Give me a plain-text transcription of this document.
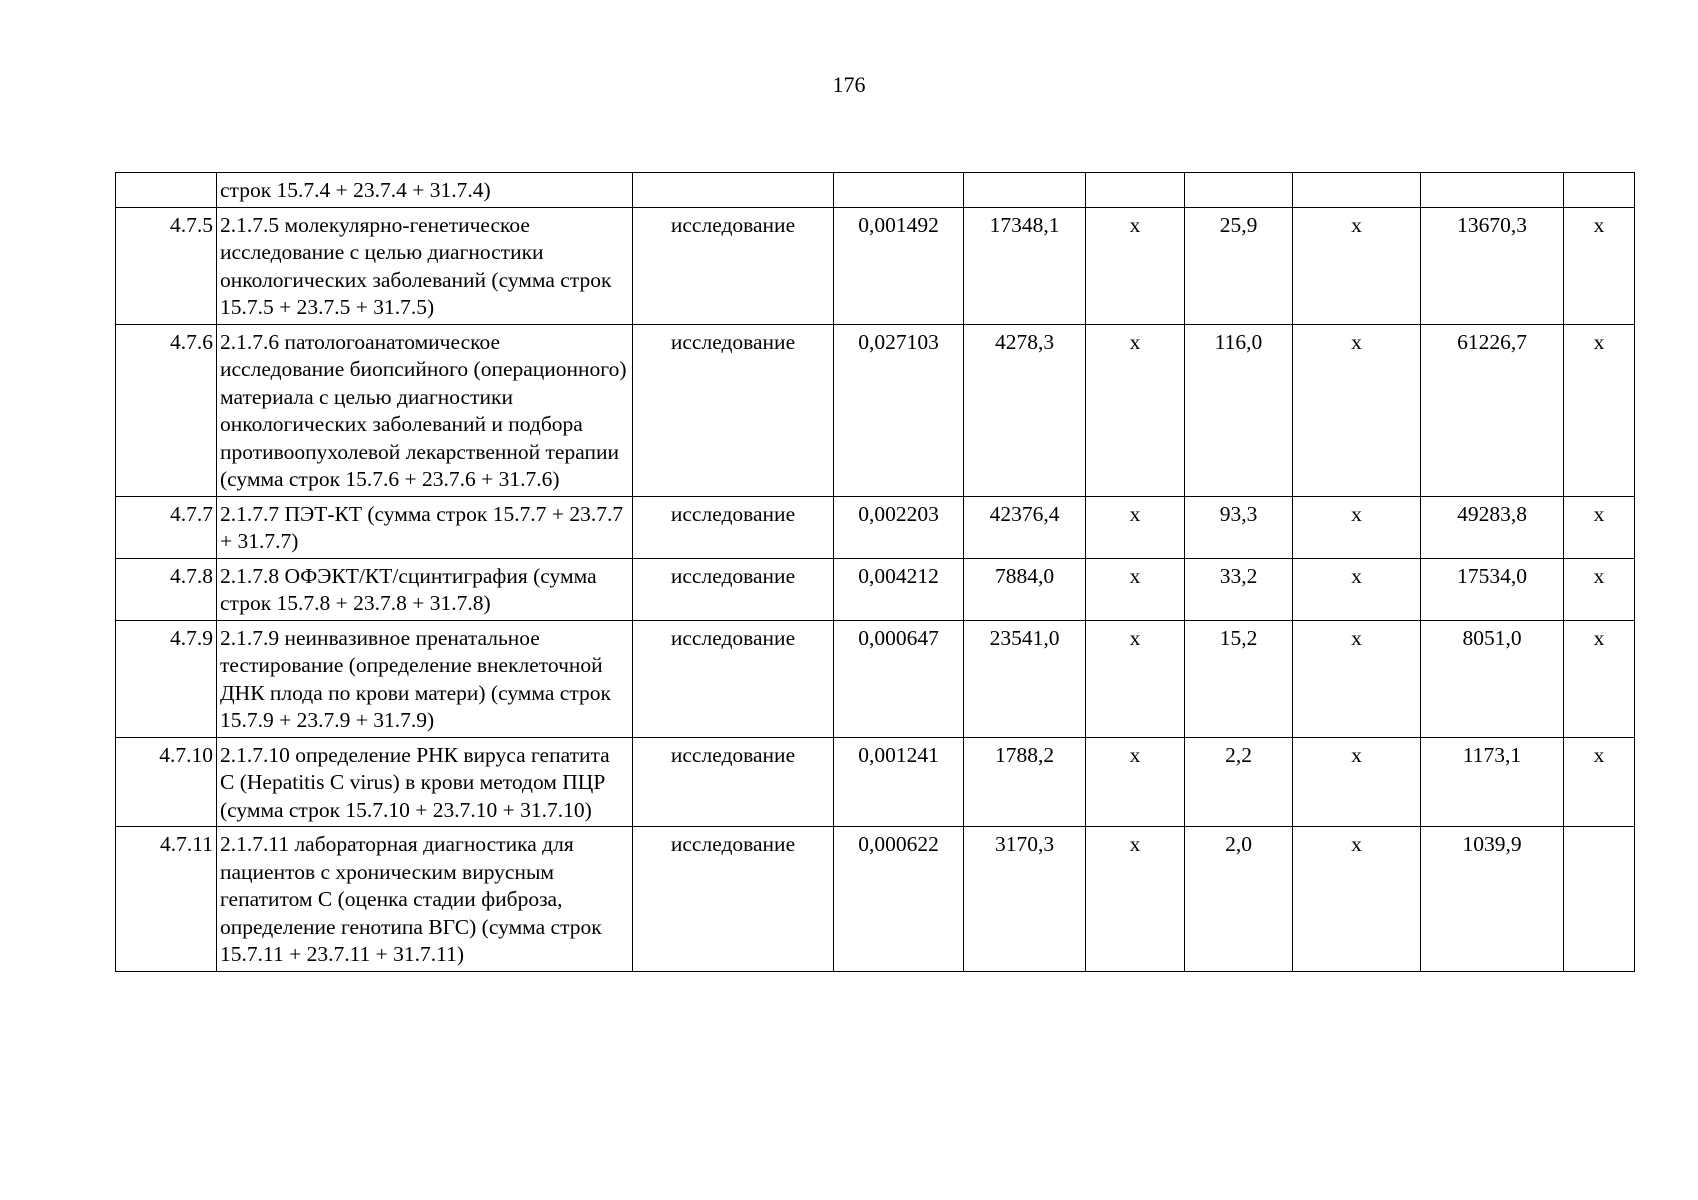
176
	строк 15.7.4 + 23.7.4 + 31.7.4)								
4.7.5	2.1.7.5 молекулярно-генетическое исследование с целью диагностики онкологических заболеваний (сумма строк 15.7.5 + 23.7.5 + 31.7.5)	исследование	0,001492	17348,1	х	25,9	х	13670,3	х
4.7.6	2.1.7.6 патологоанатомическое исследование биопсийного (операционного) материала с целью диагностики онкологических заболеваний и подбора противоопухолевой лекарственной терапии (сумма строк 15.7.6 + 23.7.6 + 31.7.6)	исследование	0,027103	4278,3	х	116,0	х	61226,7	х
4.7.7	2.1.7.7 ПЭТ-КТ (сумма строк 15.7.7 + 23.7.7 + 31.7.7)	исследование	0,002203	42376,4	х	93,3	х	49283,8	х
4.7.8	2.1.7.8 ОФЭКТ/КТ/сцинтиграфия (сумма строк 15.7.8 + 23.7.8 + 31.7.8)	исследование	0,004212	7884,0	х	33,2	х	17534,0	х
4.7.9	2.1.7.9 неинвазивное пренатальное тестирование (определение внеклеточной ДНК плода по крови матери) (сумма строк 15.7.9 + 23.7.9 + 31.7.9)	исследование	0,000647	23541,0	х	15,2	х	8051,0	х
4.7.10	2.1.7.10 определение РНК вируса гепатита С (Hepatitis C virus) в крови методом ПЦР (сумма строк 15.7.10 + 23.7.10 + 31.7.10)	исследование	0,001241	1788,2	х	2,2	х	1173,1	х
4.7.11	2.1.7.11 лабораторная диагностика для пациентов с хроническим вирусным гепатитом С (оценка стадии фиброза, определение генотипа ВГС) (сумма строк 15.7.11 + 23.7.11 + 31.7.11)	исследование	0,000622	3170,3	х	2,0	х	1039,9	
